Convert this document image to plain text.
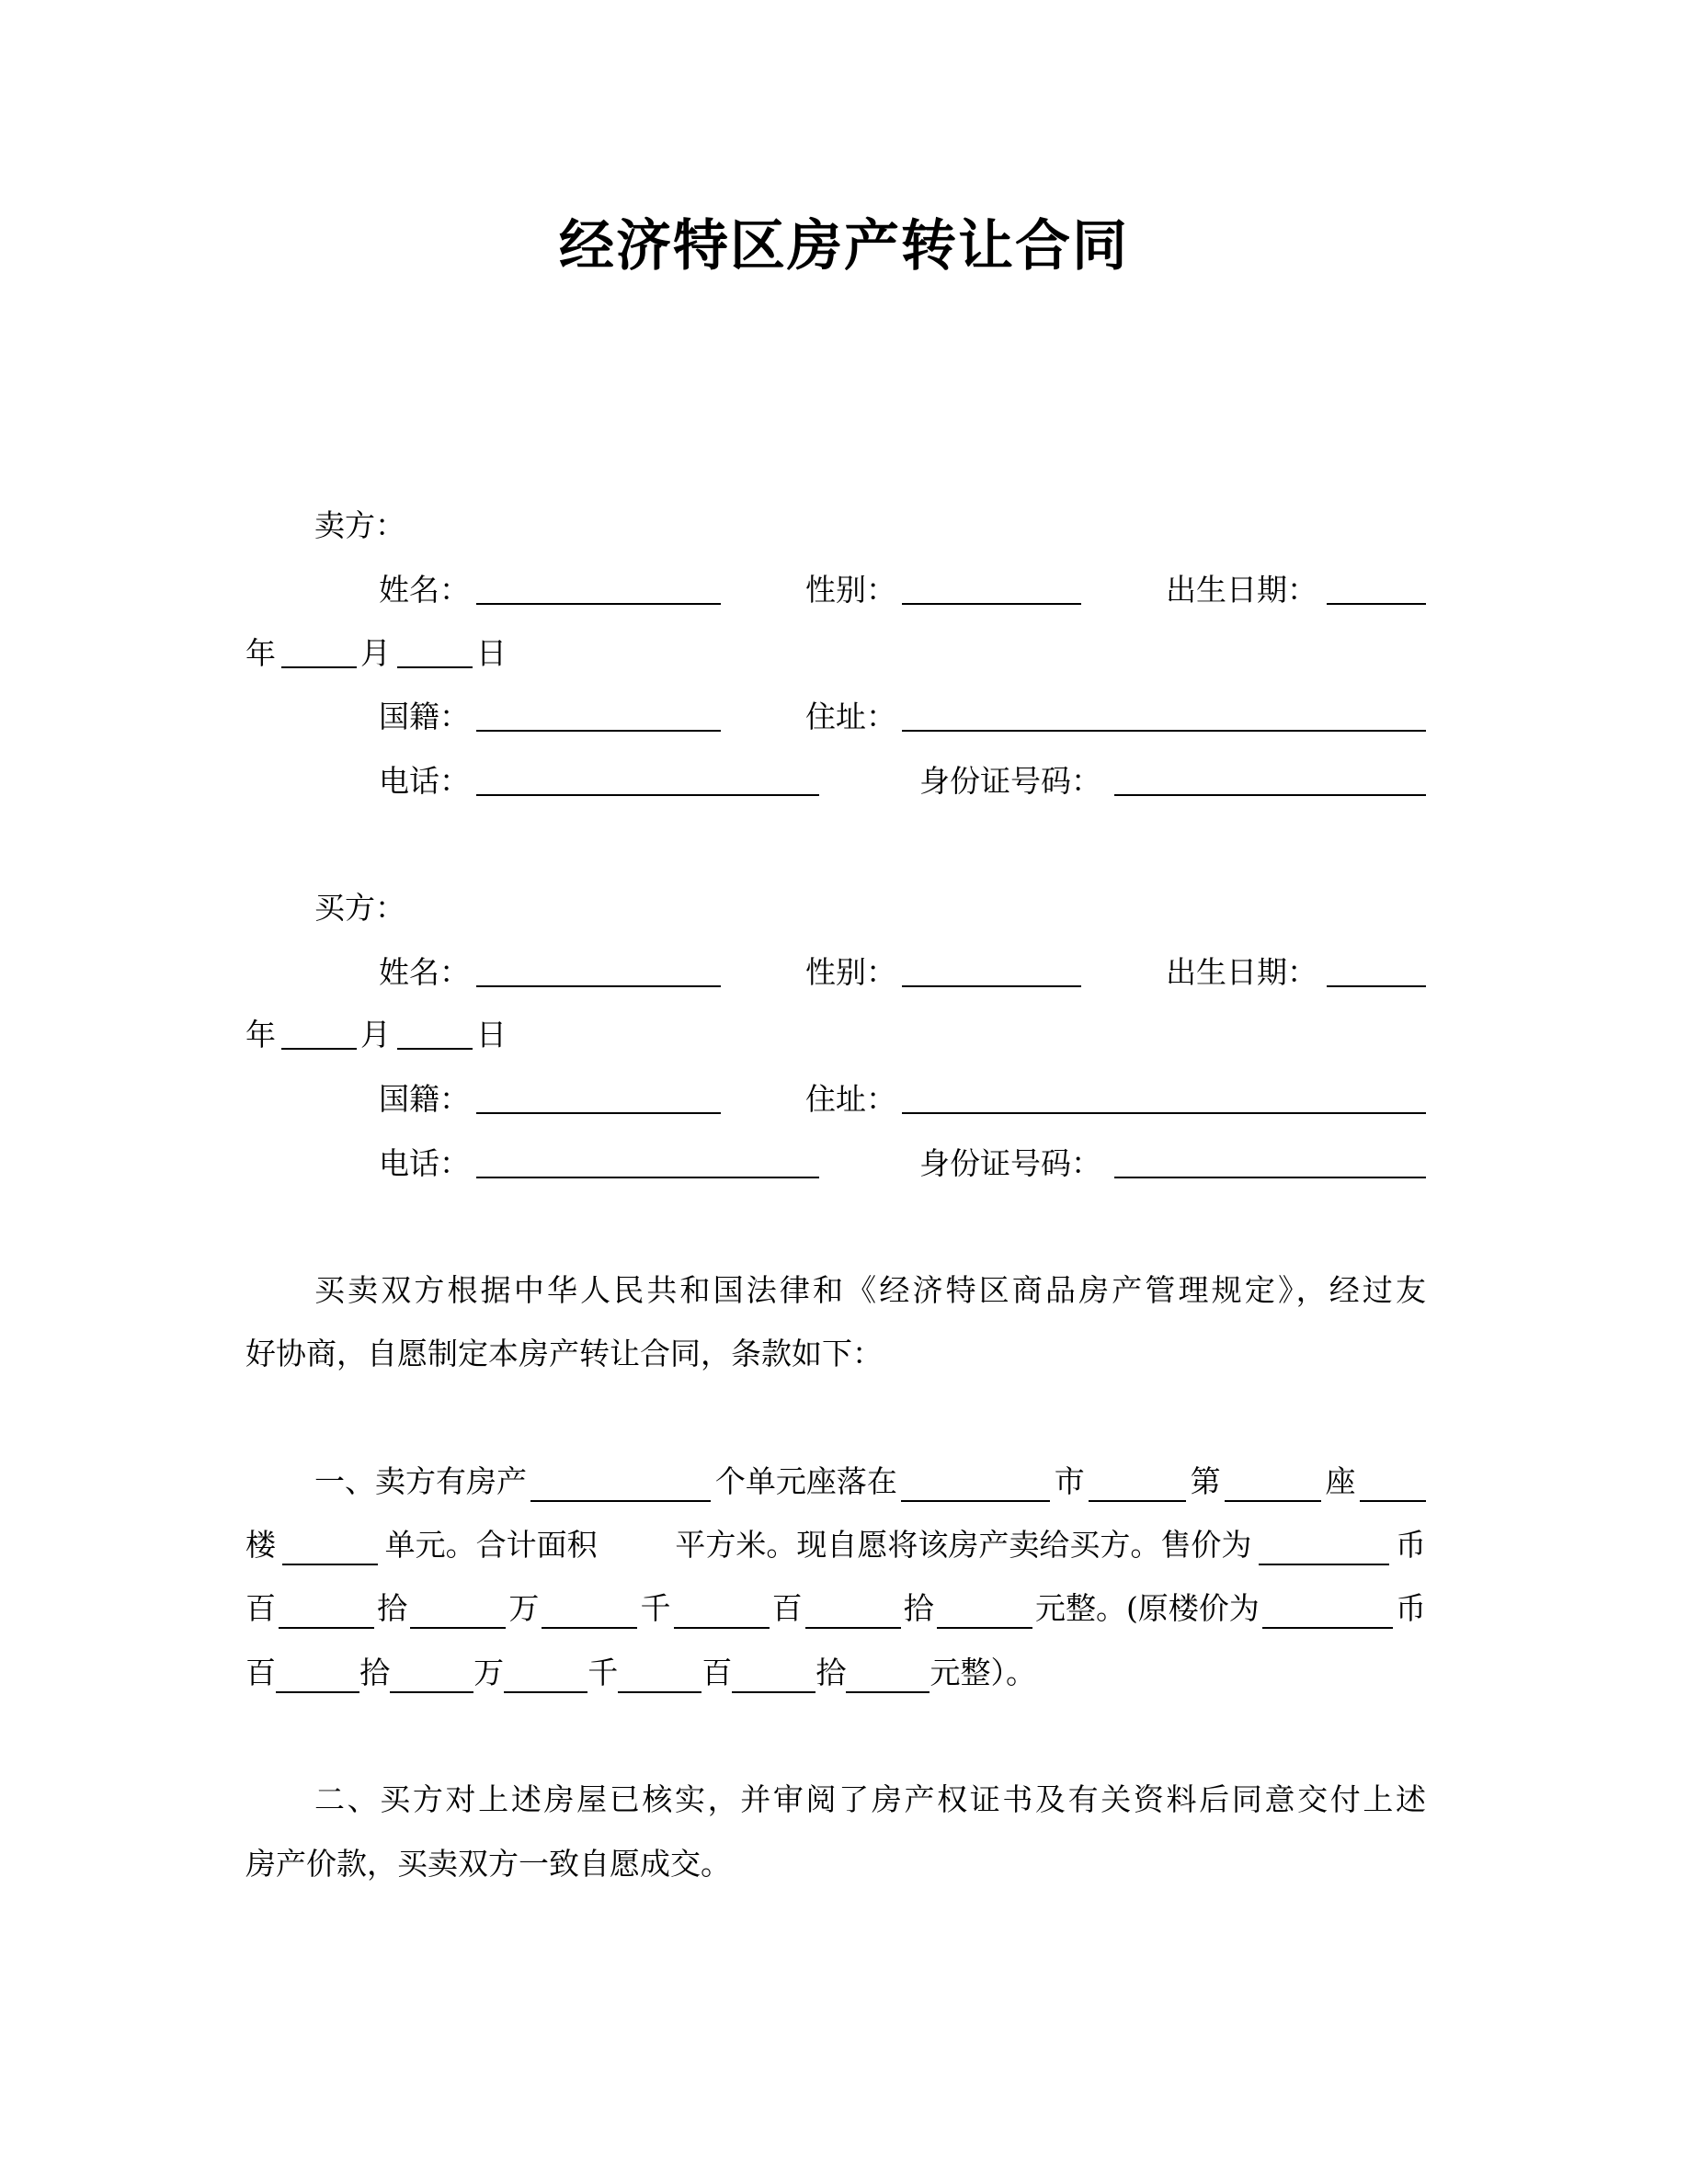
经济特区房产转让合同
卖方：
姓名：	性别：	出生日期：
年	月	日
国籍：	住址：
电话：	身份证号码：
买方：
姓名：	性别：	出生日期：
年	月	日
国籍：	住址：
电话：	身份证号码：
买卖双方根据中华人民共和国法律和《经济特区商品房产管理规定》，经过友
好协商，自愿制定本房产转让合同，条款如下：
一、卖方有房产	个单元座落在	市	第	座
楼	单元。合计面积	平方米。现自愿将该房产卖给买方。售价为	币
百	拾	万	千	百	拾	元整。(原楼价为	币
百	拾	万	千	百	拾	元整）。
二、买方对上述房屋已核实，并审阅了房产权证书及有关资料后同意交付上述
房产价款，买卖双方一致自愿成交。
